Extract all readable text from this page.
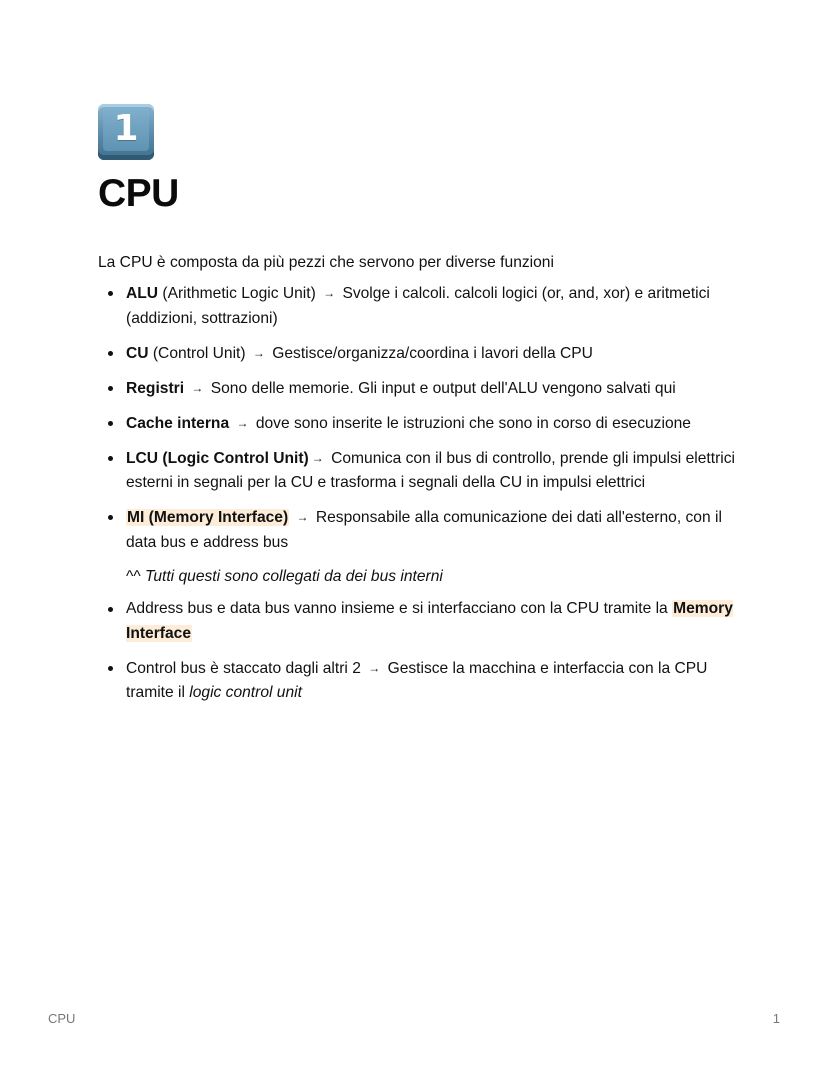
1
CPU

La CPU è composta da più pezzi che servono per diverse funzioni

ALU (Arithmetic Logic Unit) → Svolge i calcoli. calcoli logici (or, and, xor) e aritmetici (addizioni, sottrazioni)
CU (Control Unit) → Gestisce/organizza/coordina i lavori della CPU
Registri → Sono delle memorie. Gli input e output dell'ALU vengono salvati qui
Cache interna → dove sono inserite le istruzioni che sono in corso di esecuzione
LCU (Logic Control Unit) → Comunica con il bus di controllo, prende gli impulsi elettrici esterni in segnali per la CU e trasforma i segnali della CU in impulsi elettrici
MI (Memory Interface) → Responsabile alla comunicazione dei dati all'esterno, con il data bus e address bus

^^ Tutti questi sono collegati da dei bus interni

Address bus e data bus vanno insieme e si interfacciano con la CPU tramite la Memory Interface
Control bus è staccato dagli altri 2 → Gestisce la macchina e interfaccia con la CPU tramite il logic control unit
CPU	1
